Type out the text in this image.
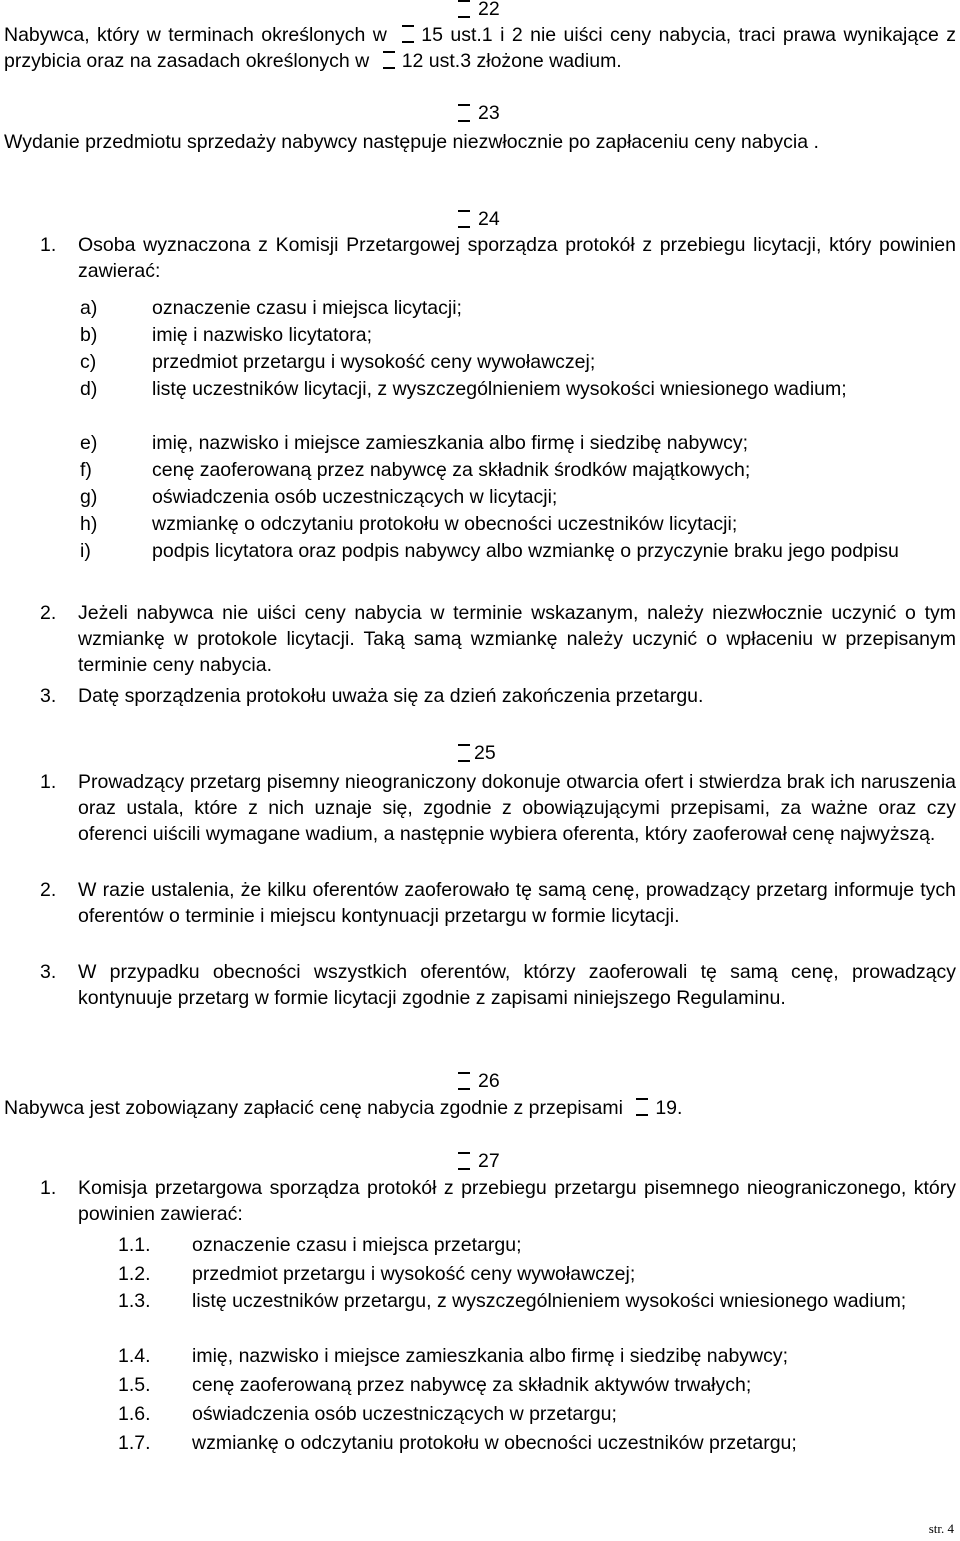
22

Nabywca, który w terminach określonych w 15 ust.1 i 2 nie uiści ceny nabycia, traci prawa wynikające z przybicia oraz na zasadach określonych w 12 ust.3 złożone wadium.

23

Wydanie przedmiotu sprzedaży nabywcy następuje niezwłocznie po zapłaceniu ceny nabycia .

24
1.	Osoba wyznaczona z Komisji Przetargowej sporządza protokół z przebiegu licytacji, który powinien zawierać:
a)	oznaczenie czasu i miejsca licytacji;
b)	imię i nazwisko licytatora;
c)	przedmiot przetargu i wysokość ceny wywoławczej;
d)	listę uczestników licytacji, z wyszczególnieniem wysokości wniesionego wadium;
e)	imię, nazwisko i miejsce zamieszkania albo firmę i siedzibę nabywcy;
f)	cenę zaoferowaną przez nabywcę za składnik środków majątkowych;
g)	oświadczenia osób uczestniczących w licytacji;
h)	wzmiankę o odczytaniu protokołu w obecności uczestników licytacji;
i)	podpis licytatora oraz podpis nabywcy albo wzmiankę o przyczynie braku jego podpisu
2.	Jeżeli nabywca nie uiści ceny nabycia w terminie wskazanym, należy niezwłocznie uczynić o tym wzmiankę w protokole licytacji. Taką samą wzmiankę należy uczynić o wpłaceniu w przepisanym terminie ceny nabycia.
3.	Datę sporządzenia protokołu uważa się za dzień zakończenia przetargu.
25
1.	Prowadzący przetarg pisemny nieograniczony dokonuje otwarcia ofert i stwierdza brak ich naruszenia oraz ustala, które z nich uznaje się, zgodnie z obowiązującymi przepisami, za ważne oraz czy oferenci uiścili wymagane wadium, a następnie wybiera oferenta, który zaoferował cenę najwyższą.
2.	W razie ustalenia, że kilku oferentów zaoferowało tę samą cenę, prowadzący przetarg informuje tych oferentów o terminie i miejscu kontynuacji przetargu w formie licytacji.
3.	W przypadku obecności wszystkich oferentów, którzy zaoferowali tę samą cenę, prowadzący kontynuuje przetarg w formie licytacji zgodnie z zapisami niniejszego Regulaminu.
26

Nabywca jest zobowiązany zapłacić cenę nabycia zgodnie z przepisami 19.

27
1.	Komisja przetargowa sporządza protokół z przebiegu przetargu pisemnego nieograniczonego, który powinien zawierać:
1.1.	oznaczenie czasu i miejsca przetargu;
1.2.	przedmiot przetargu i wysokość ceny wywoławczej;
1.3.	listę uczestników przetargu, z wyszczególnieniem wysokości wniesionego wadium;
1.4.	imię, nazwisko i miejsce zamieszkania albo firmę i siedzibę nabywcy;
1.5.	cenę zaoferowaną przez nabywcę za składnik aktywów trwałych;
1.6.	oświadczenia osób uczestniczących w przetargu;
1.7.	wzmiankę o odczytaniu protokołu w obecności uczestników przetargu;
str. 4
